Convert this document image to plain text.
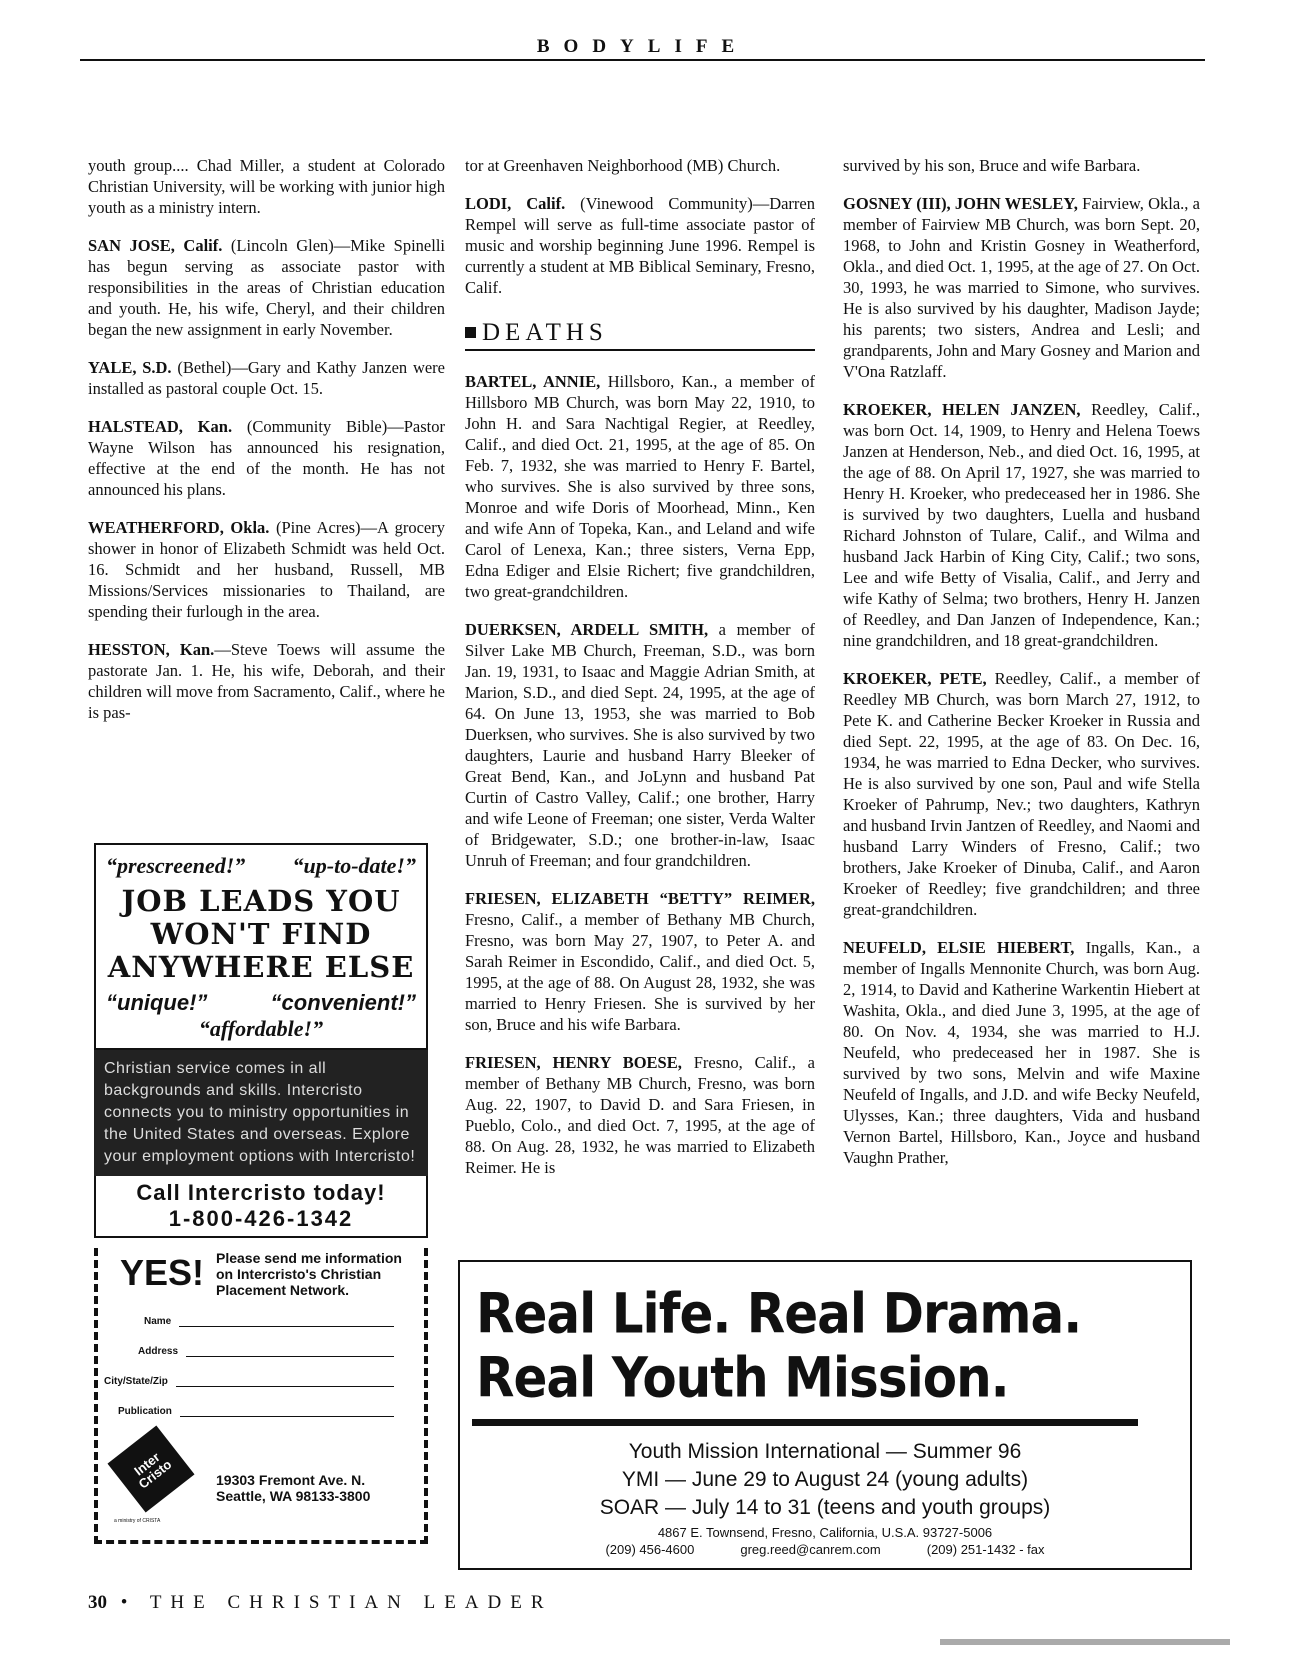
BODYLIFE

youth group.... Chad Miller, a student at Colorado Christian University, will be working with junior high youth as a ministry intern.

SAN JOSE, Calif. (Lincoln Glen)—Mike Spinelli has begun serving as associate pastor with responsibilities in the areas of Christian education and youth. He, his wife, Cheryl, and their children began the new assignment in early November.

YALE, S.D. (Bethel)—Gary and Kathy Janzen were installed as pastoral couple Oct. 15.

HALSTEAD, Kan. (Community Bible)—Pastor Wayne Wilson has announced his resignation, effective at the end of the month. He has not announced his plans.

WEATHERFORD, Okla. (Pine Acres)—A grocery shower in honor of Elizabeth Schmidt was held Oct. 16. Schmidt and her husband, Russell, MB Missions/Services missionaries to Thailand, are spending their furlough in the area.

HESSTON, Kan.—Steve Toews will assume the pastorate Jan. 1. He, his wife, Deborah, and their children will move from Sacramento, Calif., where he is pas-

tor at Greenhaven Neighborhood (MB) Church.

LODI, Calif. (Vinewood Community)—Darren Rempel will serve as full-time associate pastor of music and worship beginning June 1996. Rempel is currently a student at MB Biblical Seminary, Fresno, Calif.

DEATHS

BARTEL, ANNIE, Hillsboro, Kan., a member of Hillsboro MB Church, was born May 22, 1910, to John H. and Sara Nachtigal Regier, at Reedley, Calif., and died Oct. 21, 1995, at the age of 85. On Feb. 7, 1932, she was married to Henry F. Bartel, who survives. She is also survived by three sons, Monroe and wife Doris of Moorhead, Minn., Ken and wife Ann of Topeka, Kan., and Leland and wife Carol of Lenexa, Kan.; three sisters, Verna Epp, Edna Ediger and Elsie Richert; five grandchildren, two great-grandchildren.

DUERKSEN, ARDELL SMITH, a member of Silver Lake MB Church, Freeman, S.D., was born Jan. 19, 1931, to Isaac and Maggie Adrian Smith, at Marion, S.D., and died Sept. 24, 1995, at the age of 64. On June 13, 1953, she was married to Bob Duerksen, who survives. She is also survived by two daughters, Laurie and husband Harry Bleeker of Great Bend, Kan., and JoLynn and husband Pat Curtin of Castro Valley, Calif.; one brother, Harry and wife Leone of Freeman; one sister, Verda Walter of Bridgewater, S.D.; one brother-in-law, Isaac Unruh of Freeman; and four grandchildren.

FRIESEN, ELIZABETH “BETTY” REIMER, Fresno, Calif., a member of Bethany MB Church, Fresno, was born May 27, 1907, to Peter A. and Sarah Reimer in Escondido, Calif., and died Oct. 5, 1995, at the age of 88. On August 28, 1932, she was married to Henry Friesen. She is survived by her son, Bruce and his wife Barbara.

FRIESEN, HENRY BOESE, Fresno, Calif., a member of Bethany MB Church, Fresno, was born Aug. 22, 1907, to David D. and Sara Friesen, in Pueblo, Colo., and died Oct. 7, 1995, at the age of 88. On Aug. 28, 1932, he was married to Elizabeth Reimer. He is

survived by his son, Bruce and wife Barbara.

GOSNEY (III), JOHN WESLEY, Fairview, Okla., a member of Fairview MB Church, was born Sept. 20, 1968, to John and Kristin Gosney in Weatherford, Okla., and died Oct. 1, 1995, at the age of 27. On Oct. 30, 1993, he was married to Simone, who survives. He is also survived by his daughter, Madison Jayde; his parents; two sisters, Andrea and Lesli; and grandparents, John and Mary Gosney and Marion and V'Ona Ratzlaff.

KROEKER, HELEN JANZEN, Reedley, Calif., was born Oct. 14, 1909, to Henry and Helena Toews Janzen at Henderson, Neb., and died Oct. 16, 1995, at the age of 88. On April 17, 1927, she was married to Henry H. Kroeker, who predeceased her in 1986. She is survived by two daughters, Luella and husband Richard Johnston of Tulare, Calif., and Wilma and husband Jack Harbin of King City, Calif.; two sons, Lee and wife Betty of Visalia, Calif., and Jerry and wife Kathy of Selma; two brothers, Henry H. Janzen of Reedley, and Dan Janzen of Independence, Kan.; nine grandchildren, and 18 great-grandchildren.

KROEKER, PETE, Reedley, Calif., a member of Reedley MB Church, was born March 27, 1912, to Pete K. and Catherine Becker Kroeker in Russia and died Sept. 22, 1995, at the age of 83. On Dec. 16, 1934, he was married to Edna Decker, who survives. He is also survived by one son, Paul and wife Stella Kroeker of Pahrump, Nev.; two daughters, Kathryn and husband Irvin Jantzen of Reedley, and Naomi and husband Larry Winders of Fresno, Calif.; two brothers, Jake Kroeker of Dinuba, Calif., and Aaron Kroeker of Reedley; five grandchildren; and three great-grandchildren.

NEUFELD, ELSIE HIEBERT, Ingalls, Kan., a member of Ingalls Mennonite Church, was born Aug. 2, 1914, to David and Katherine Warkentin Hiebert at Washita, Okla., and died June 3, 1995, at the age of 80. On Nov. 4, 1934, she was married to H.J. Neufeld, who predeceased her in 1987. She is survived by two sons, Melvin and wife Maxine Neufeld of Ingalls, and J.D. and wife Becky Neufeld, Ulysses, Kan.; three daughters, Vida and husband Vernon Bartel, Hillsboro, Kan., Joyce and husband Vaughn Prather,

“prescreened!” “up-to-date!”
JOB LEADS YOU WON'T FIND ANYWHERE ELSE
“unique!”	“convenient!”
“affordable!”
Christian service comes in all backgrounds and skills. Intercristo connects you to ministry opportunities in the United States and overseas. Explore your employment options with Intercristo!
Call Intercristo today!
1-800-426-1342
YES! Please send me information on Intercristo's Christian Placement Network.
Name
Address
City/State/Zip
Publication
Inter Cristo
a ministry of CRISTA
19303 Fremont Ave. N.
Seattle, WA 98133-3800
Real Life. Real Drama.
Real Youth Mission.
Youth Mission International — Summer 96
YMI — June 29 to August 24 (young adults)
SOAR — July 14 to 31 (teens and youth groups)
4867 E. Townsend, Fresno, California, U.S.A. 93727-5006
(209) 456-4600	greg.reed@canrem.com	(209) 251-1432 - fax
30 • THE CHRISTIAN LEADER
